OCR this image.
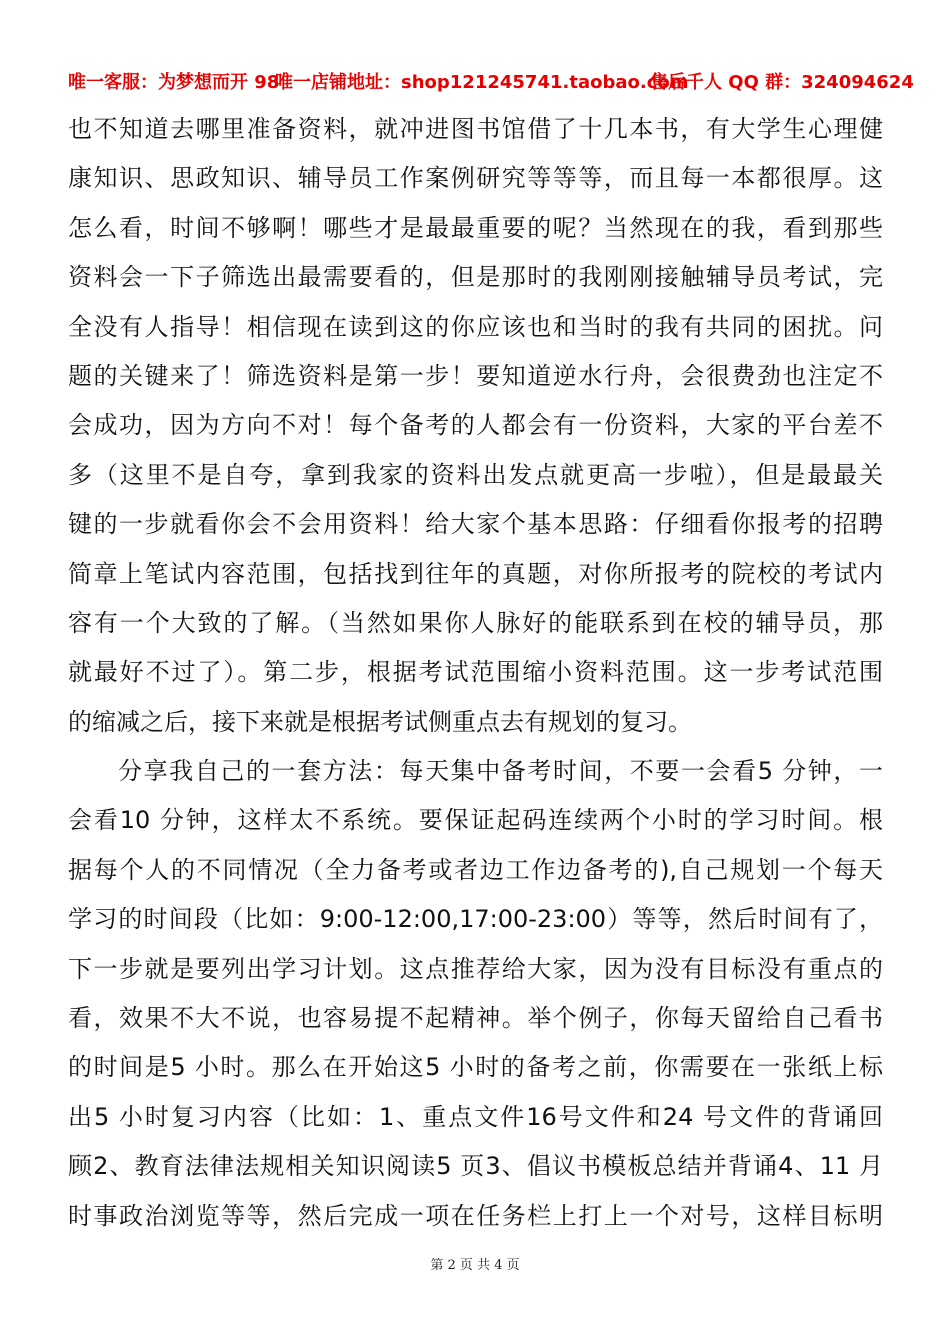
唯一客服：为梦想而开 98
唯一店铺地址：shop121245741.taobao.com
售后千人 QQ 群：324094624
也不知道去哪里准备资料，就冲进图书馆借了十几本书，有大学生心理健
康知识、思政知识、辅导员工作案例研究等等等，而且每一本都很厚。这
怎么看，时间不够啊！哪些才是最最重要的呢？当然现在的我，看到那些
资料会一下子筛选出最需要看的，但是那时的我刚刚接触辅导员考试，完
全没有人指导！相信现在读到这的你应该也和当时的我有共同的困扰。问
题的关键来了！筛选资料是第一步！要知道逆水行舟，会很费劲也注定不
会成功，因为方向不对！每个备考的人都会有一份资料，大家的平台差不
多（这里不是自夸，拿到我家的资料出发点就更高一步啦），但是最最关
键的一步就看你会不会用资料！给大家个基本思路：仔细看你报考的招聘
简章上笔试内容范围，包括找到往年的真题，对你所报考的院校的考试内
容有一个大致的了解。（当然如果你人脉好的能联系到在校的辅导员，那
就最好不过了）。第二步，根据考试范围缩小资料范围。这一步考试范围
的缩减之后，接下来就是根据考试侧重点去有规划的复习。
分享我自己的一套方法：每天集中备考时间，不要一会看5 分钟，一
会看10 分钟，这样太不系统。要保证起码连续两个小时的学习时间。根
据每个人的不同情况（全力备考或者边工作边备考的),自己规划一个每天
学习的时间段（比如：9:00-12:00,17:00-23:00）等等，然后时间有了，
下一步就是要列出学习计划。这点推荐给大家，因为没有目标没有重点的
看，效果不大不说，也容易提不起精神。举个例子，你每天留给自己看书
的时间是5 小时。那么在开始这5 小时的备考之前，你需要在一张纸上标
出5 小时复习内容（比如：1、重点文件16号文件和24 号文件的背诵回
顾2、教育法律法规相关知识阅读5 页3、倡议书模板总结并背诵4、11 月
时事政治浏览等等，然后完成一项在任务栏上打上一个对号，这样目标明
第 2 页 共 4 页
